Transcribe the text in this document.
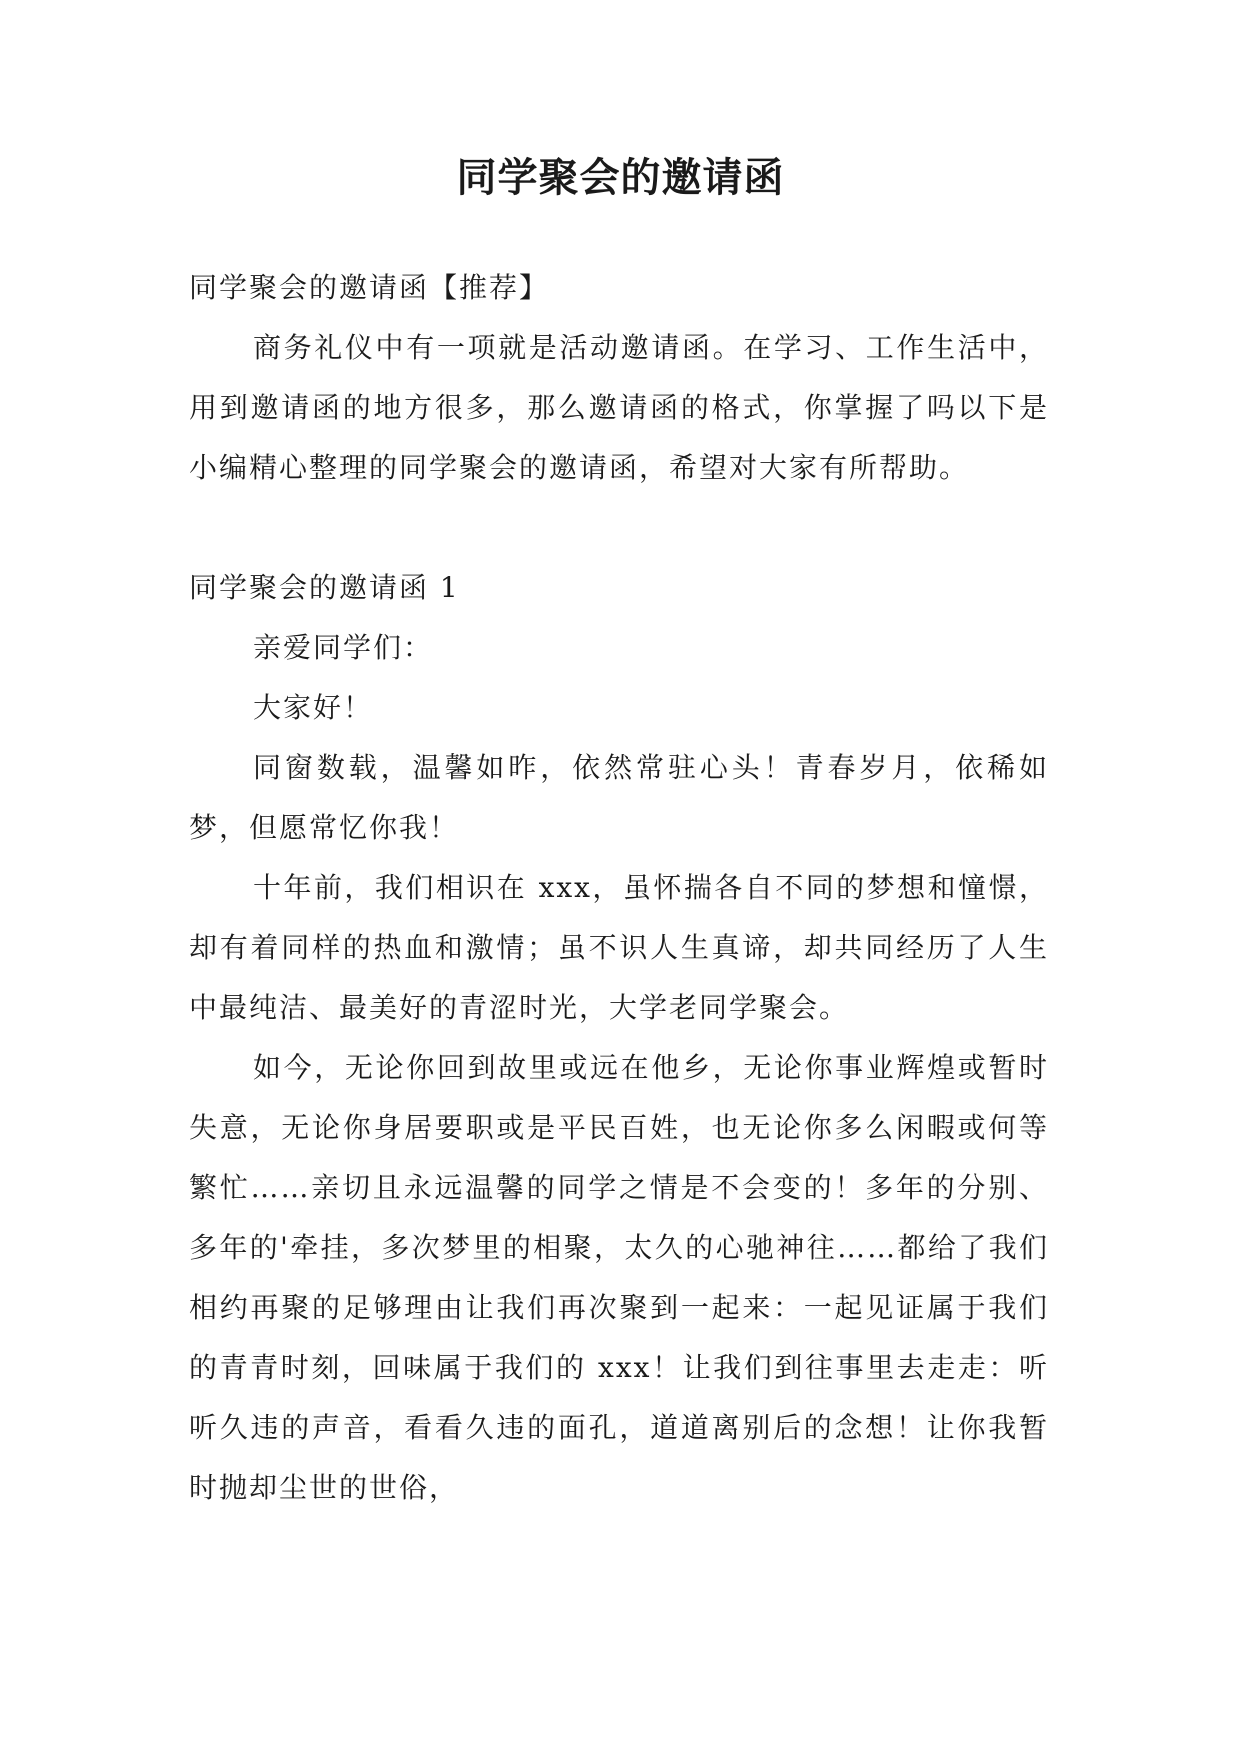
同学聚会的邀请函

同学聚会的邀请函【推荐】

商务礼仪中有一项就是活动邀请函。在学习、工作生活中，用到邀请函的地方很多，那么邀请函的格式，你掌握了吗以下是小编精心整理的同学聚会的邀请函，希望对大家有所帮助。

同学聚会的邀请函 1

亲爱同学们：

大家好！

同窗数载，温馨如昨，依然常驻心头！青春岁月，依稀如梦，但愿常忆你我！

十年前，我们相识在 xxx，虽怀揣各自不同的梦想和憧憬，却有着同样的热血和激情；虽不识人生真谛，却共同经历了人生中最纯洁、最美好的青涩时光，大学老同学聚会。

如今，无论你回到故里或远在他乡，无论你事业辉煌或暂时失意，无论你身居要职或是平民百姓，也无论你多么闲暇或何等繁忙……亲切且永远温馨的同学之情是不会变的！多年的分别、多年的'牵挂，多次梦里的相聚，太久的心驰神往……都给了我们相约再聚的足够理由让我们再次聚到一起来：一起见证属于我们的青青时刻，回味属于我们的 xxx！让我们到往事里去走走：听听久违的声音，看看久违的面孔，道道离别后的念想！让你我暂时抛却尘世的世俗，
